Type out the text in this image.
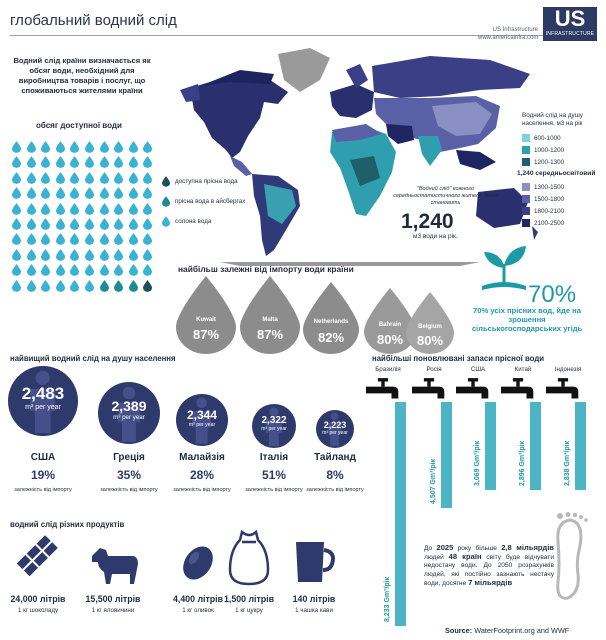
глобальний водний слід
US Infrastructure
www.americainfra.com
US
INFRASTRUCTURE
Водний слід країни визначається як обсяг води, необхідний для виробництва товарів і послуг, що споживаються жителями країни
обсяг доступної води
доступна прісна вода
прісна вода в айсбергах
солона вода
Водний слід на душу населення, м3 на рік
600-1000
1000-1200
1200-1300
1,240 середньосвітовий
1300-1500
1500-1800
1800-2100
2100-2500
"Водний слід" кожного середньостатистичного жителя Землі становить
1,240
м3 води на рік.
найбільш залежні від імпорту води країни
Kuwait
87%
Malta
87%
Netherlands
82%
Bahrain
80%
Belgium
80%
70%
70% усіх прісних вод, йде на зрошення сільськогосподарських угідь
найвищий водний слід на душу населення
2,483
m³ per year
США
19%
залежність від імпорту
2,389
m³ per year
Греція
35%
залежність від імпорту
2,344
m³ per year
Малайзія
28%
залежність від імпорту
2,322
m³ per year
Італія
51%
залежність від імпорту
2,223
m³ per year
Тайланд
8%
залежність від імпорту
найбільші поновлювані запаси прісної води
Бразилія
8,233 Gm³/рік
Росія
4,507 Gm³/рік
США
3,069 Gm³/рік
Китай
2,896 Gm³/рік
Індонезія
2,838 Gm³/рік
водний слід різних продуктів
24,000 літрів
1 кг шоколаду
15,500 літрів
1 кг яловичини
4,400 літрів
1 кг оливок
1,500 літрів
1 кг цукру
140 літрів
1 чашка кави
До 2025 року більше 2,8 мільярдів людей 48 країн світу буде відчувати недостачу води. До 2050 розрахунків людей, які постійно зазнають нестачу води, досягне 7 мільярдів
Source: WaterFootprint.org and WWF
